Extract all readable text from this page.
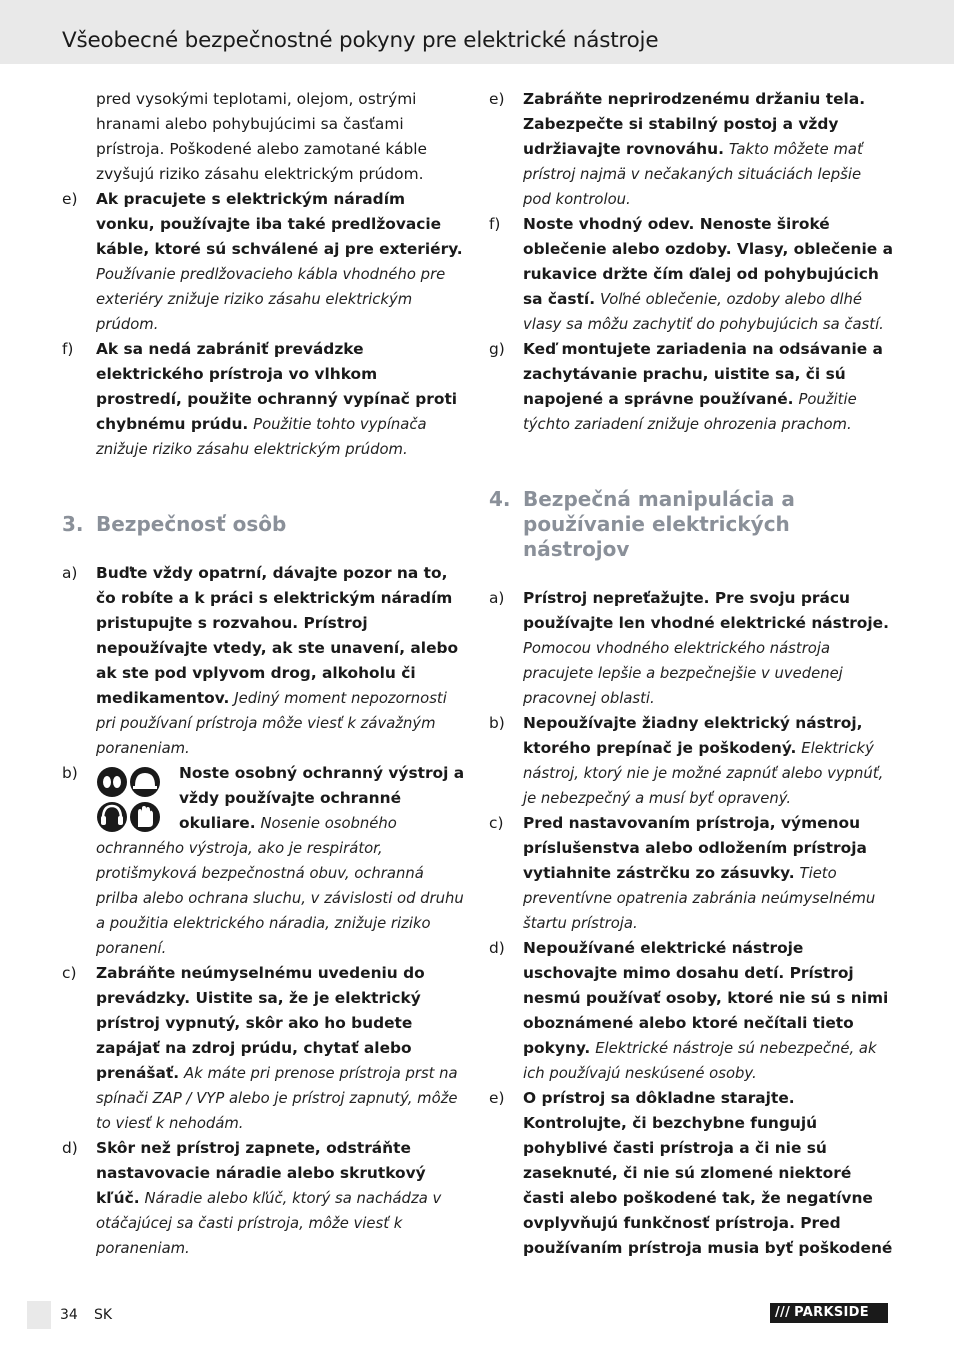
Všeobecné bezpečnostné pokyny pre elektrické nástroje
pred vysokými teplotami, olejom, ostrými hranami alebo pohybujúcimi sa časťami prístroja. Poškodené alebo zamotané káble zvyšujú riziko zásahu elektrickým prúdom.
e) Ak pracujete s elektrickým náradím vonku, používajte iba také predlžovacie káble, ktoré sú schválené aj pre exteriéry. Používanie predlžovacieho kábla vhodného pre exteriéry znižuje riziko zásahu elektrickým prúdom.
f) Ak sa nedá zabrániť prevádzke elektrického prístroja vo vlhkom prostredí, použite ochranný vypínač proti chybnému prúdu. Použitie tohto vypínača znižuje riziko zásahu elektrickým prúdom.
3. Bezpečnosť osôb
a) Buďte vždy opatrní, dávajte pozor na to, čo robíte a k práci s elektrickým náradím pristupujte s rozvahou. Prístroj nepoužívajte vtedy, ak ste unavení, alebo ak ste pod vplyvom drog, alkoholu či medikamentov. Jediný moment nepozornosti pri používaní prístroja môže viesť k závažným poraneniam.
b)	Noste osobný ochranný výstroj a vždy používajte ochranné okuliare. Nosenie osobného ochranného výstroja, ako je respirátor, protišmyková bezpečnostná obuv, ochranná prilba alebo ochrana sluchu, v závislosti od druhu a použitia elektrického náradia, znižuje riziko poranení.
c) Zabráňte neúmyselnému uvedeniu do prevádzky. Uistite sa, že je elektrický prístroj vypnutý, skôr ako ho budete zapájať na zdroj prúdu, chytať alebo prenášať. Ak máte pri prenose prístroja prst na spínači ZAP / VYP alebo je prístroj zapnutý, môže to viesť k nehodám.
d) Skôr než prístroj zapnete, odstráňte nastavovacie náradie alebo skrutkový kľúč. Náradie alebo kľúč, ktorý sa nachádza v otáčajúcej sa časti prístroja, môže viesť k poraneniam.
e) Zabráňte neprirodzenému držaniu tela. Zabezpečte si stabilný postoj a vždy udržiavajte rovnováhu. Takto môžete mať prístroj najmä v nečakaných situáciách lepšie pod kontrolou.
f) Noste vhodný odev. Nenoste široké oblečenie alebo ozdoby. Vlasy, oblečenie a rukavice držte čím ďalej od pohybujúcich sa častí. Voľné oblečenie, ozdoby alebo dlhé vlasy sa môžu zachytiť do pohybujúcich sa častí.
g) Keď montujete zariadenia na odsávanie a zachytávanie prachu, uistite sa, či sú napojené a správne používané. Použitie týchto zariadení znižuje ohrozenia prachom.
4. Bezpečná manipulácia a používanie elektrických nástrojov
a) Prístroj nepreťažujte. Pre svoju prácu používajte len vhodné elektrické nástroje. Pomocou vhodného elektrického nástroja pracujete lepšie a bezpečnejšie v uvedenej pracovnej oblasti.
b) Nepoužívajte žiadny elektrický nástroj, ktorého prepínač je poškodený. Elektrický nástroj, ktorý nie je možné zapnúť alebo vypnúť, je nebezpečný a musí byť opravený.
c) Pred nastavovaním prístroja, výmenou príslušenstva alebo odložením prístroja vytiahnite zástrčku zo zásuvky. Tieto preventívne opatrenia zabránia neúmyselnému štartu prístroja.
d) Nepoužívané elektrické nástroje uschovajte mimo dosahu detí. Prístroj nesmú používať osoby, ktoré nie sú s nimi oboznámené alebo ktoré nečítali tieto pokyny. Elektrické nástroje sú nebezpečné, ak ich používajú neskúsené osoby.
e) O prístroj sa dôkladne starajte. Kontrolujte, či bezchybne fungujú pohyblivé časti prístroja a či nie sú zaseknuté, či nie sú zlomené niektoré časti alebo poškodené tak, že negatívne ovplyvňujú funkčnosť prístroja. Pred používaním prístroja musia byť poškodené
34 SK	/// PARKSIDE
